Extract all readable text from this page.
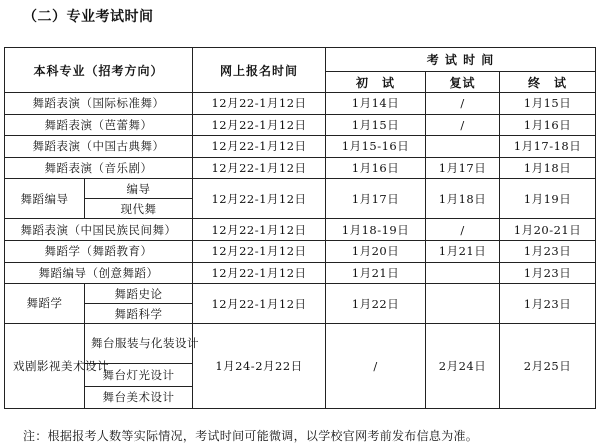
（二）专业考试时间
本科专业（招考方向）		网上报名时间	考 试 时 间		
			初　试	复试	终　试
舞蹈表演（国际标准舞）		12月22-1月12日	1月14日	/	1月15日
舞蹈表演（芭蕾舞）		12月22-1月12日	1月15日	/	1月16日
舞蹈表演（中国古典舞）		12月22-1月12日	1月15-16日		1月17-18日
舞蹈表演（音乐剧）		12月22-1月12日	1月16日	1月17日	1月18日
舞蹈编导	编导	12月22-1月12日	1月17日	1月18日	1月19日
	现代舞				
舞蹈表演（中国民族民间舞）		12月22-1月12日	1月18-19日	/	1月20-21日
舞蹈学（舞蹈教育）		12月22-1月12日	1月20日	1月21日	1月23日
舞蹈编导（创意舞蹈）		12月22-1月12日	1月21日		1月23日
舞蹈学	舞蹈史论	12月22-1月12日	1月22日		1月23日
	舞蹈科学				
戏剧影视美术设计	舞台服装与化装设计	1月24-2月22日	/	2月24日	2月25日
	舞台灯光设计				
	舞台美术设计				
注：根据报考人数等实际情况，考试时间可能微调，以学校官网考前发布信息为准。
